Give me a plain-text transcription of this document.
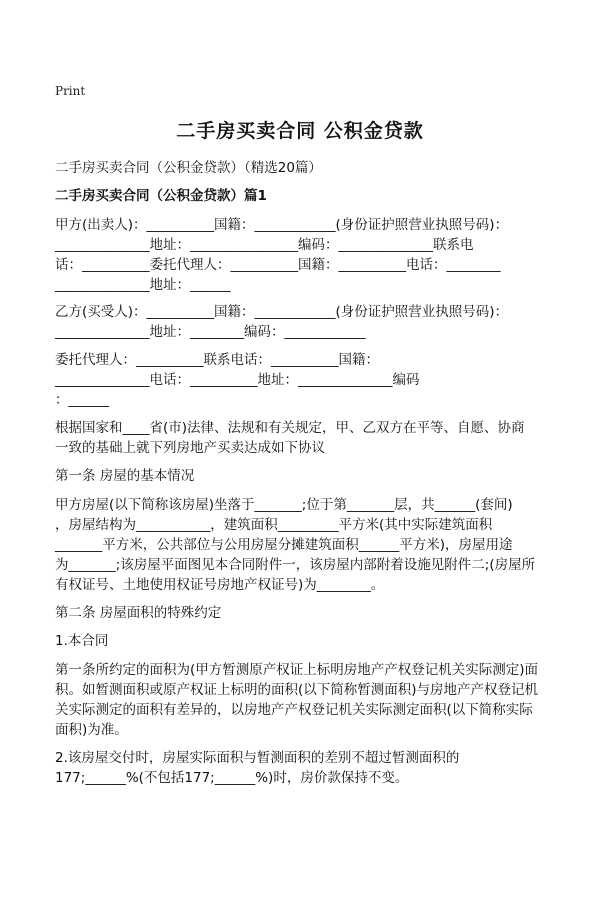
Print
二手房买卖合同 公积金贷款
二手房买卖合同（公积金贷款）（精选20篇）
二手房买卖合同（公积金贷款）篇1
甲方(出卖人)：__________国籍：____________(身份证护照营业执照号码)：
______________地址：________________编码：______________联系电
话：__________委托代理人：__________国籍：__________电话：________
______________地址：______
乙方(买受人)：__________国籍：____________(身份证护照营业执照号码)：
______________地址：________编码：____________
委托代理人：__________联系电话：__________国籍：
______________电话：__________地址：______________编码
：______
根据国家和____省(市)法律、法规和有关规定，甲、乙双方在平等、自愿、协商
一致的基础上就下列房地产买卖达成如下协议
第一条 房屋的基本情况
甲方房屋(以下简称该房屋)坐落于_______;位于第_______层，共______(套间)
，房屋结构为___________，建筑面积_________平方米(其中实际建筑面积
_______平方米，公共部位与公用房屋分摊建筑面积______平方米)，房屋用途
为_______;该房屋平面图见本合同附件一，该房屋内部附着设施见附件二;(房屋所
有权证号、土地使用权证号房地产权证号)为________。
第二条 房屋面积的特殊约定
1.本合同
第一条所约定的面积为(甲方暂测原产权证上标明房地产产权登记机关实际测定)面
积。如暂测面积或原产权证上标明的面积(以下简称暂测面积)与房地产产权登记机
关实际测定的面积有差异的，以房地产产权登记机关实际测定面积(以下简称实际
面积)为准。
2.该房屋交付时，房屋实际面积与暂测面积的差别不超过暂测面积的
177;______%(不包括177;______%)时，房价款保持不变。
